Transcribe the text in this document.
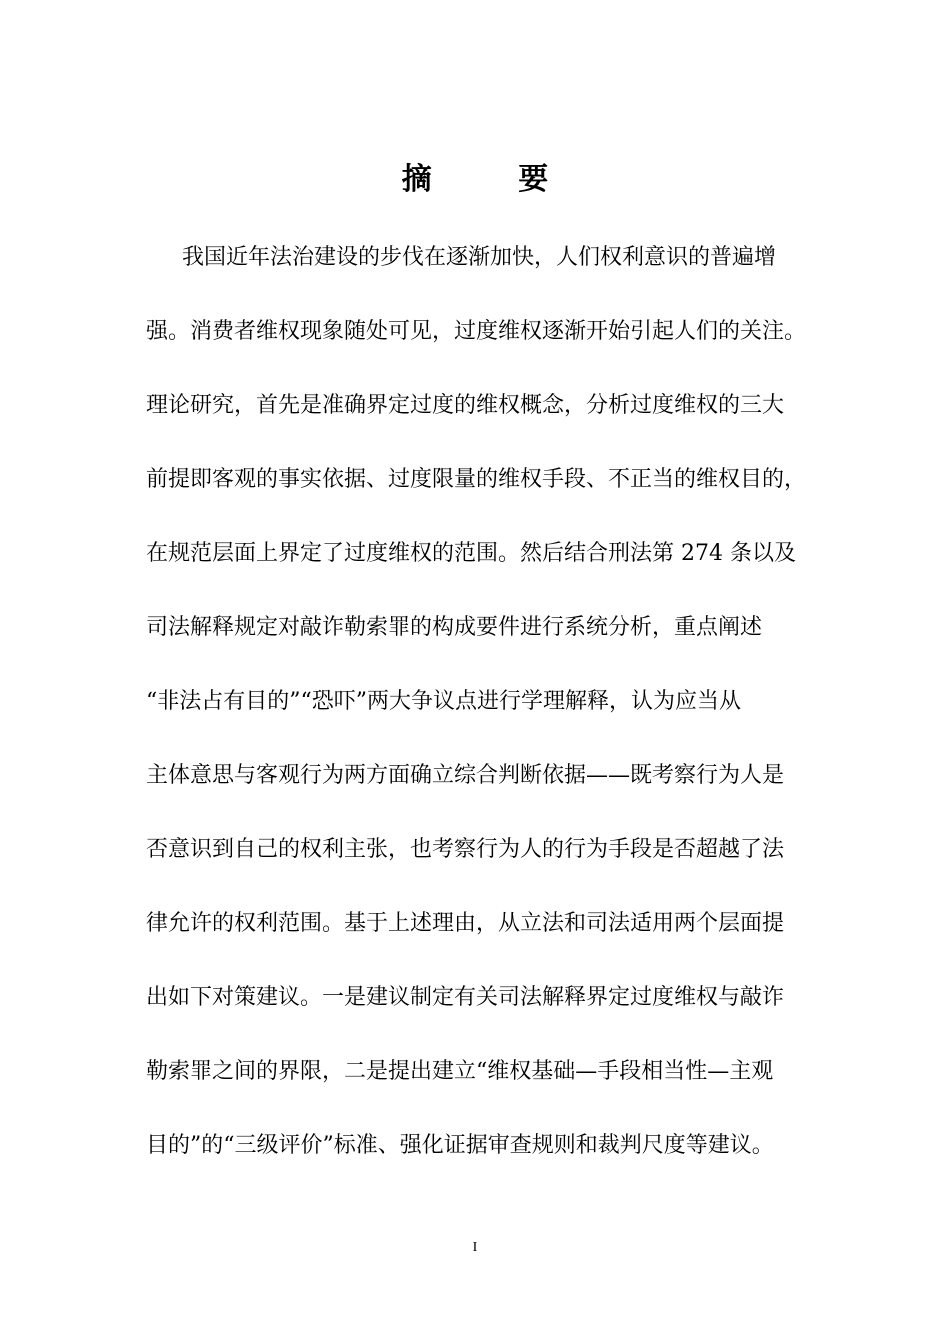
摘 要
我国近年法治建设的步伐在逐渐加快，人们权利意识的普遍增
强。消费者维权现象随处可见，过度维权逐渐开始引起人们的关注。
理论研究，首先是准确界定过度的维权概念，分析过度维权的三大
前提即客观的事实依据、过度限量的维权手段、不正当的维权目的，
在规范层面上界定了过度维权的范围。然后结合刑法第 274 条以及
司法解释规定对敲诈勒索罪的构成要件进行系统分析，重点阐述
“非法占有目的”“恐吓”两大争议点进行学理解释，认为应当从
主体意思与客观行为两方面确立综合判断依据——既考察行为人是
否意识到自己的权利主张，也考察行为人的行为手段是否超越了法
律允许的权利范围。基于上述理由，从立法和司法适用两个层面提
出如下对策建议。一是建议制定有关司法解释界定过度维权与敲诈
勒索罪之间的界限，二是提出建立“维权基础—手段相当性—主观
目的”的“三级评价”标准、强化证据审查规则和裁判尺度等建议。
I
